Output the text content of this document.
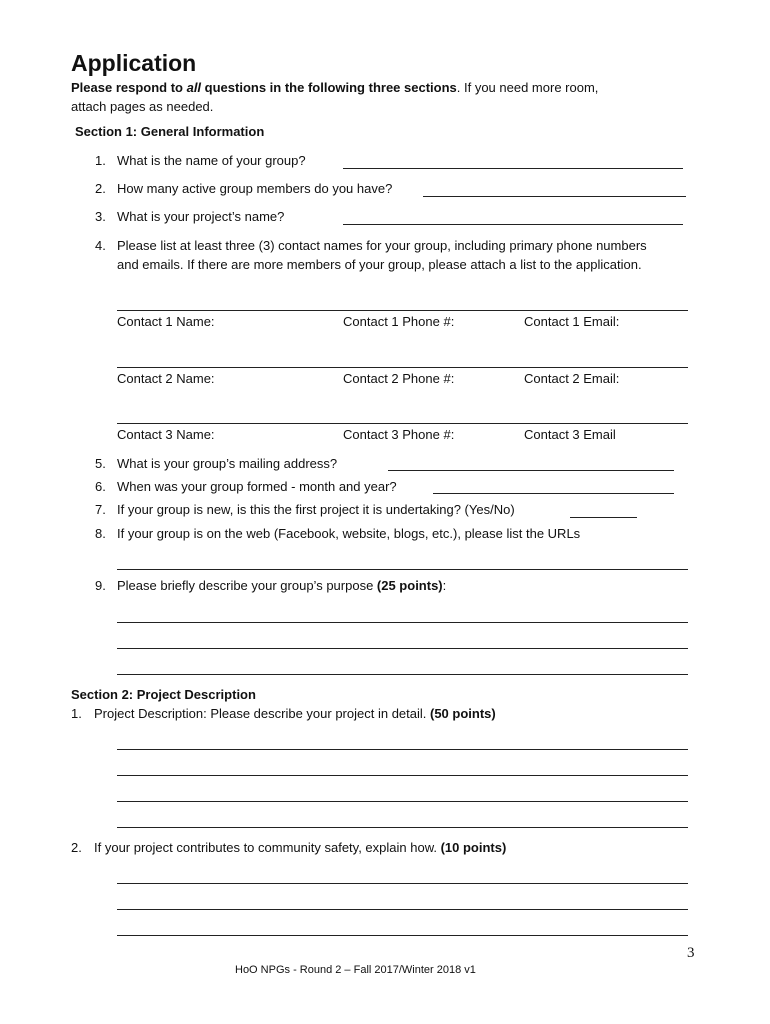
Application
Please respond to all questions in the following three sections. If you need more room,
attach pages as needed.
Section 1: General Information
1. What is the name of your group?
2. How many active group members do you have?
3. What is your project’s name?
4. Please list at least three (3) contact names for your group, including primary phone numbers
and emails. If there are more members of your group, please attach a list to the application.
Contact 1 Name:	Contact 1 Phone #:	Contact 1 Email:
Contact 2 Name:	Contact 2 Phone #:	Contact 2 Email:
Contact 3 Name:	Contact 3 Phone #:	Contact 3 Email
5. What is your group’s mailing address?
6. When was your group formed - month and year?
7. If your group is new, is this the first project it is undertaking? (Yes/No)
8. If your group is on the web (Facebook, website, blogs, etc.), please list the URLs
9. Please briefly describe your group’s purpose (25 points):
Section 2: Project Description
1. Project Description: Please describe your project in detail. (50 points)
2. If your project contributes to community safety, explain how. (10 points)
3
HoO NPGs - Round 2 – Fall 2017/Winter 2018 v1
